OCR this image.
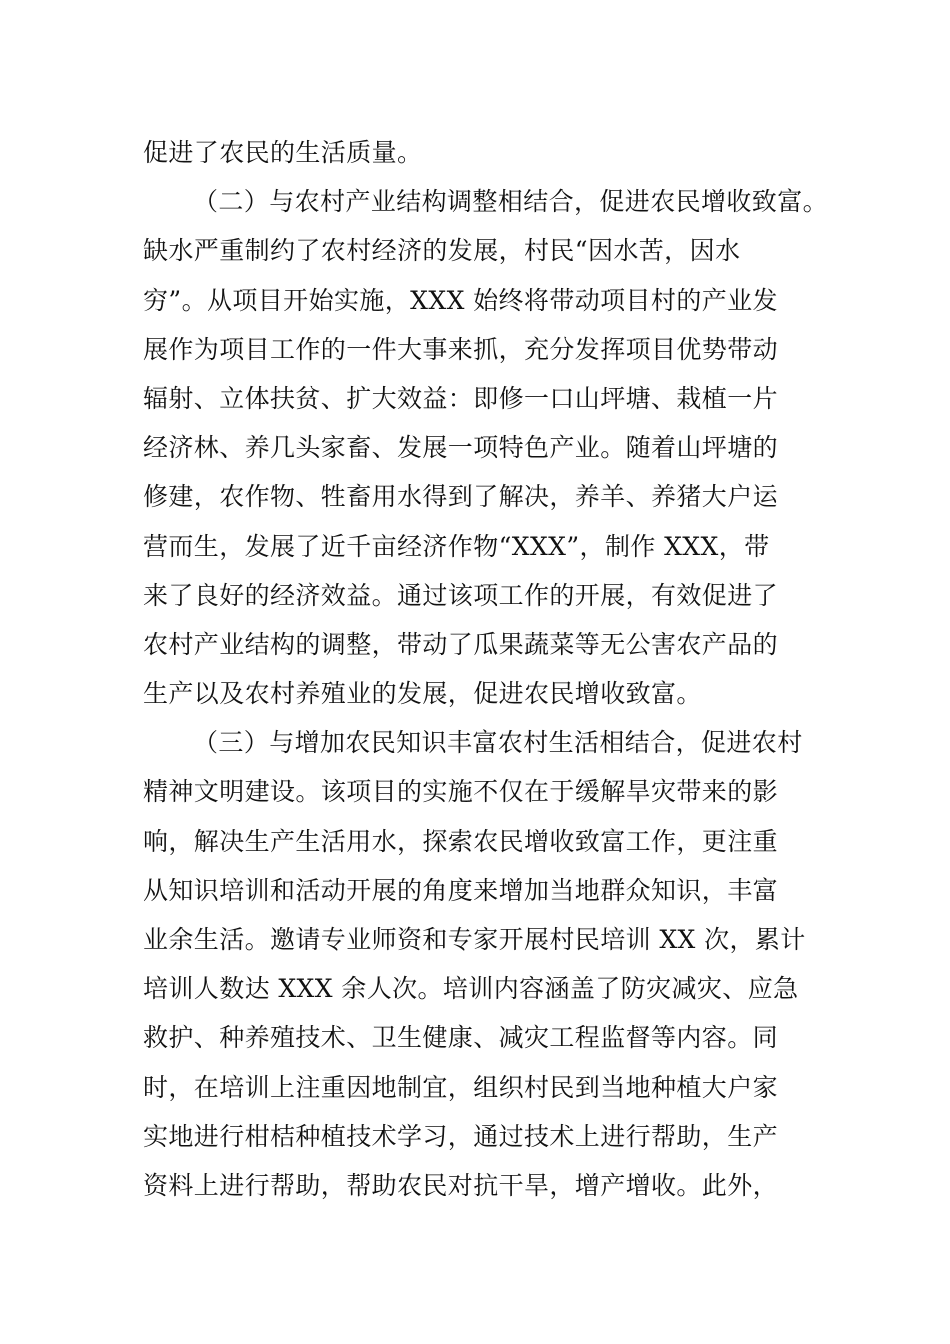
促进了农民的生活质量。
（二）与农村产业结构调整相结合，促进农民增收致富。
缺水严重制约了农村经济的发展，村民“因水苦，因水
穷”。从项目开始实施，XXX 始终将带动项目村的产业发
展作为项目工作的一件大事来抓，充分发挥项目优势带动
辐射、立体扶贫、扩大效益：即修一口山坪塘、栽植一片
经济林、养几头家畜、发展一项特色产业。随着山坪塘的
修建，农作物、牲畜用水得到了解决，养羊、养猪大户运
营而生，发展了近千亩经济作物“XXX”，制作 XXX，带
来了良好的经济效益。通过该项工作的开展，有效促进了
农村产业结构的调整，带动了瓜果蔬菜等无公害农产品的
生产以及农村养殖业的发展，促进农民增收致富。
（三）与增加农民知识丰富农村生活相结合，促进农村
精神文明建设。该项目的实施不仅在于缓解旱灾带来的影
响，解决生产生活用水，探索农民增收致富工作，更注重
从知识培训和活动开展的角度来增加当地群众知识，丰富
业余生活。邀请专业师资和专家开展村民培训 XX 次，累计
培训人数达 XXX 余人次。培训内容涵盖了防灾减灾、应急
救护、种养殖技术、卫生健康、减灾工程监督等内容。同
时，在培训上注重因地制宜，组织村民到当地种植大户家
实地进行柑桔种植技术学习，通过技术上进行帮助，生产
资料上进行帮助，帮助农民对抗干旱，增产增收。此外，
